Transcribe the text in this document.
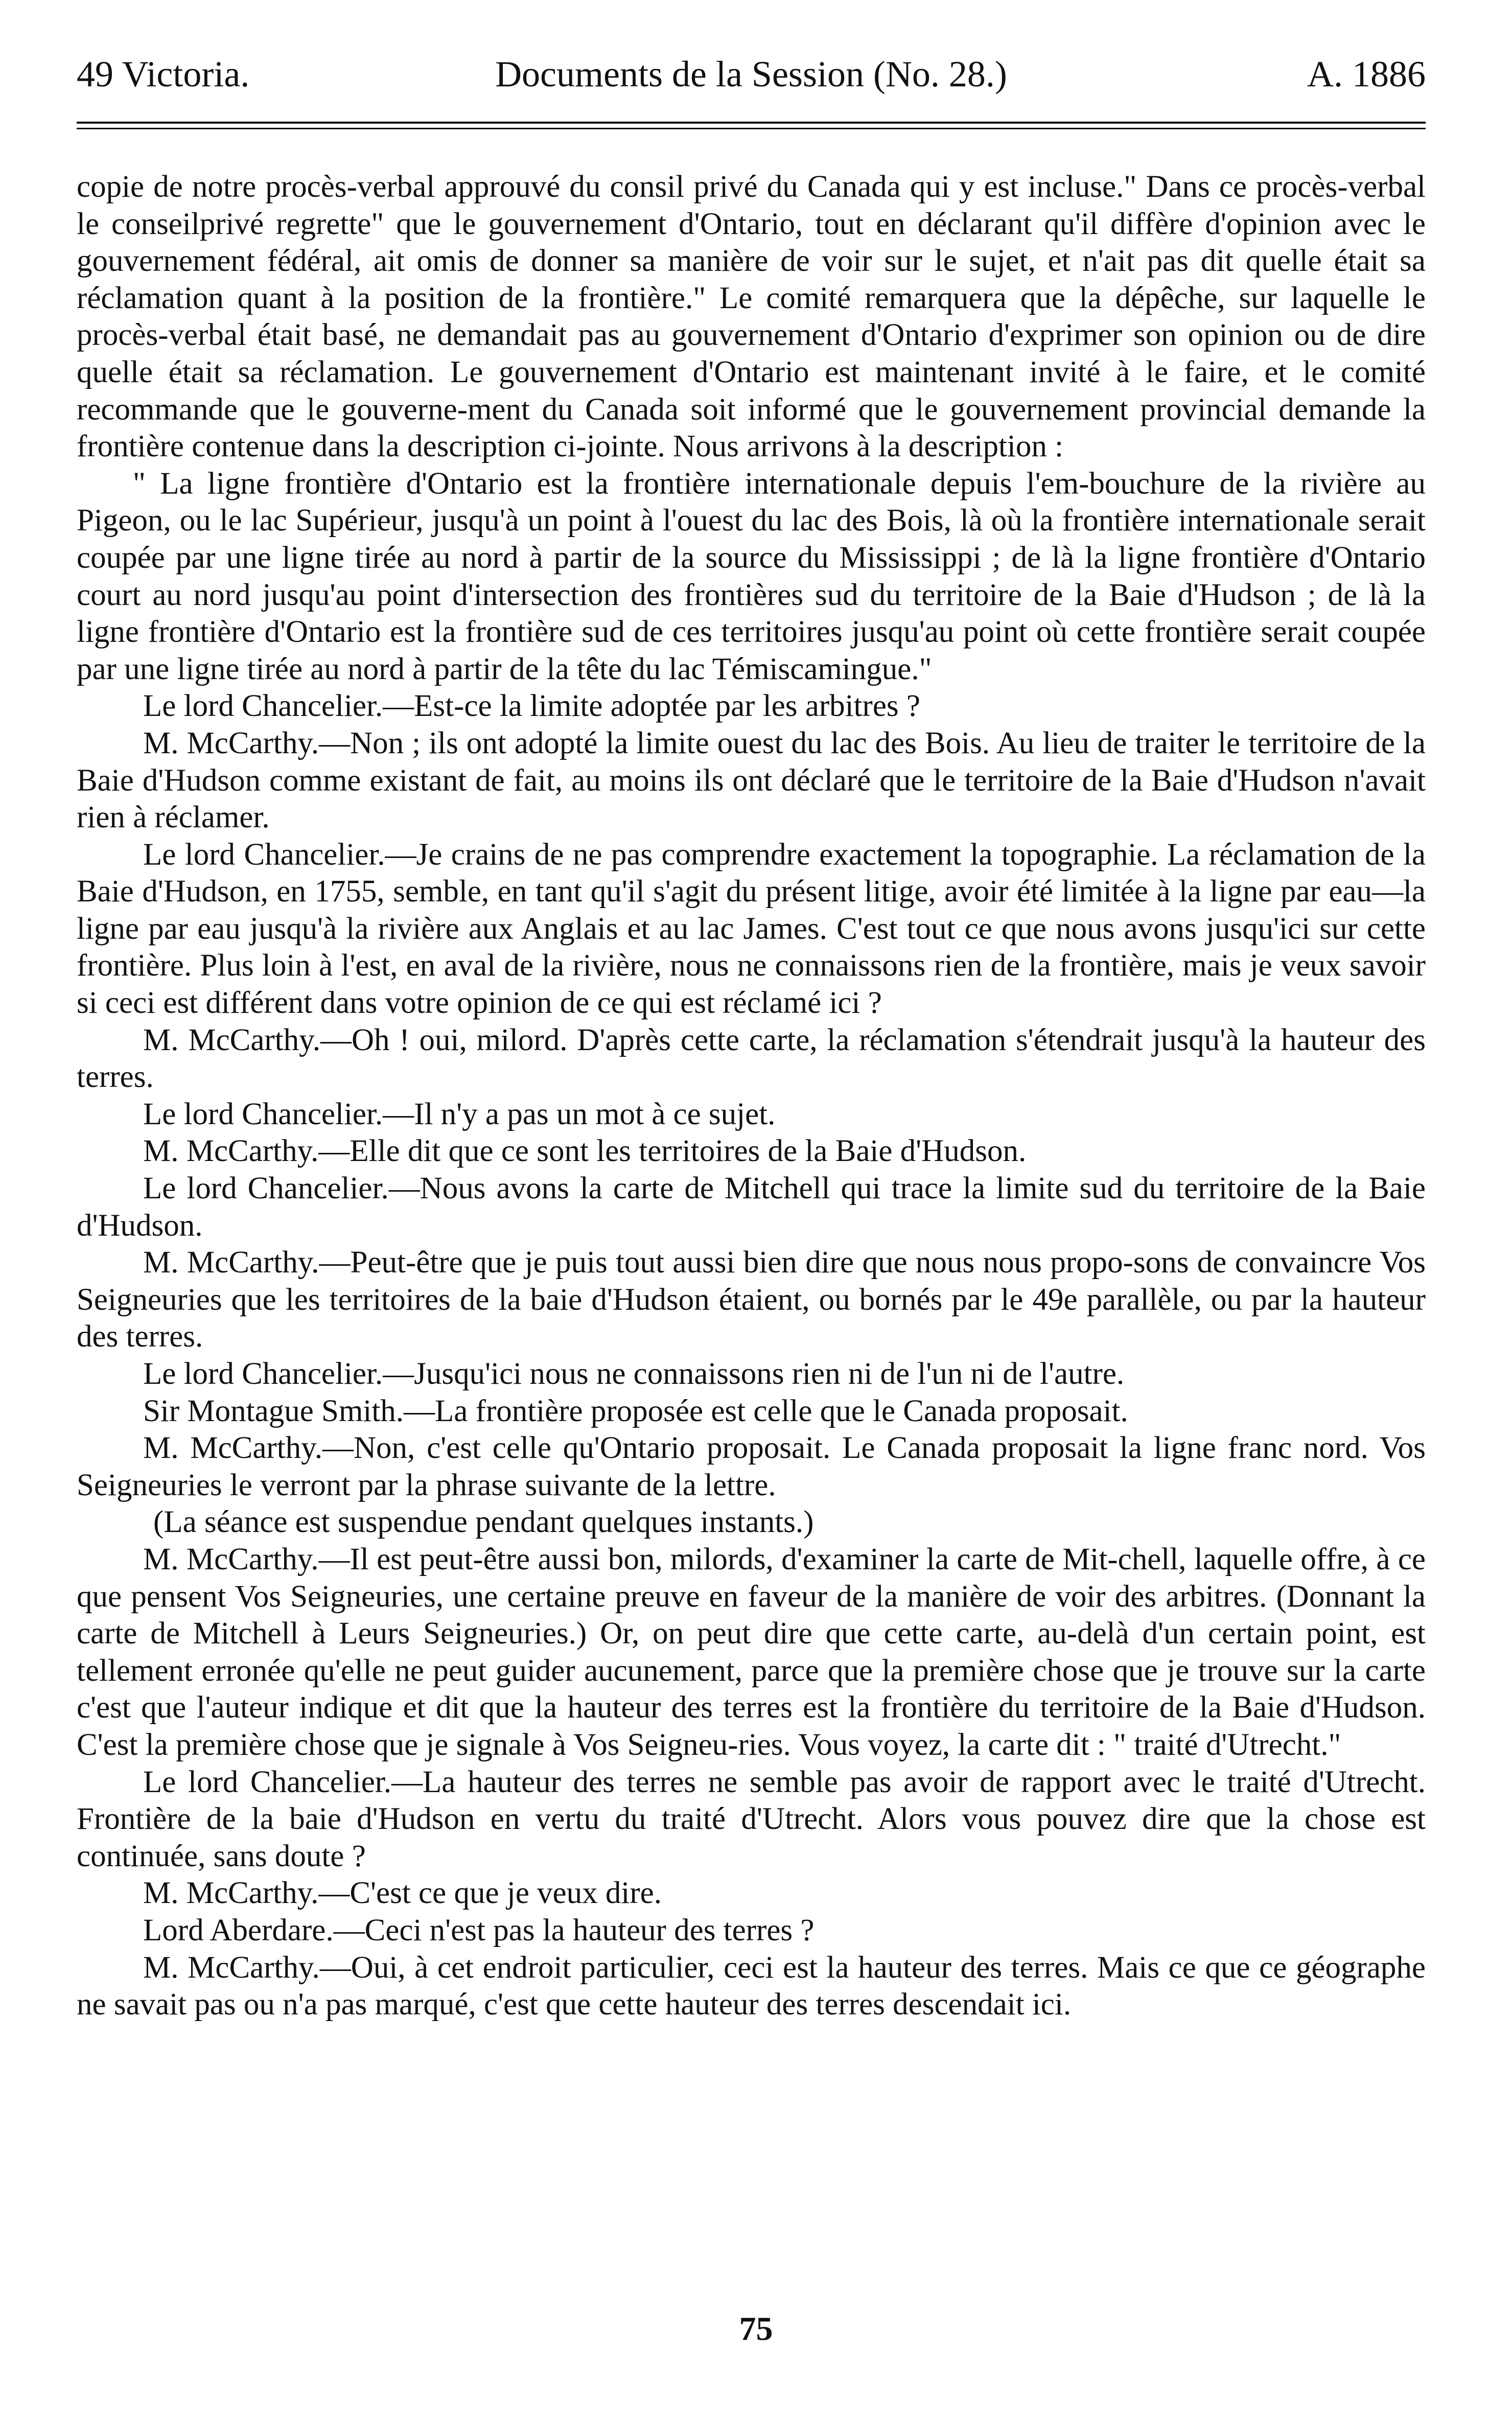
49 Victoria.	Documents de la Session (No. 28.)	A. 1886

copie de notre procès-verbal approuvé du consil privé du Canada qui y est incluse." Dans ce procès-verbal le conseilprivé regrette" que le gouvernement d'Ontario, tout en déclarant qu'il diffère d'opinion avec le gouvernement fédéral, ait omis de donner sa manière de voir sur le sujet, et n'ait pas dit quelle était sa réclamation quant à la position de la frontière." Le comité remarquera que la dépêche, sur laquelle le procès-verbal était basé, ne demandait pas au gouvernement d'Ontario d'exprimer son opinion ou de dire quelle était sa réclamation. Le gouvernement d'Ontario est maintenant invité à le faire, et le comité recommande que le gouverne-ment du Canada soit informé que le gouvernement provincial demande la frontière contenue dans la description ci-jointe. Nous arrivons à la description :

" La ligne frontière d'Ontario est la frontière internationale depuis l'em-bouchure de la rivière au Pigeon, ou le lac Supérieur, jusqu'à un point à l'ouest du lac des Bois, là où la frontière internationale serait coupée par une ligne tirée au nord à partir de la source du Mississippi ; de là la ligne frontière d'Ontario court au nord jusqu'au point d'intersection des frontières sud du territoire de la Baie d'Hudson ; de là la ligne frontière d'Ontario est la frontière sud de ces territoires jusqu'au point où cette frontière serait coupée par une ligne tirée au nord à partir de la tête du lac Témiscamingue."

Le lord Chancelier.—Est-ce la limite adoptée par les arbitres ?

M. McCarthy.—Non ; ils ont adopté la limite ouest du lac des Bois. Au lieu de traiter le territoire de la Baie d'Hudson comme existant de fait, au moins ils ont déclaré que le territoire de la Baie d'Hudson n'avait rien à réclamer.

Le lord Chancelier.—Je crains de ne pas comprendre exactement la topographie. La réclamation de la Baie d'Hudson, en 1755, semble, en tant qu'il s'agit du présent litige, avoir été limitée à la ligne par eau—la ligne par eau jusqu'à la rivière aux Anglais et au lac James. C'est tout ce que nous avons jusqu'ici sur cette frontière. Plus loin à l'est, en aval de la rivière, nous ne connaissons rien de la frontière, mais je veux savoir si ceci est différent dans votre opinion de ce qui est réclamé ici ?

M. McCarthy.—Oh ! oui, milord. D'après cette carte, la réclamation s'étendrait jusqu'à la hauteur des terres.

Le lord Chancelier.—Il n'y a pas un mot à ce sujet.

M. McCarthy.—Elle dit que ce sont les territoires de la Baie d'Hudson.

Le lord Chancelier.—Nous avons la carte de Mitchell qui trace la limite sud du territoire de la Baie d'Hudson.

M. McCarthy.—Peut-être que je puis tout aussi bien dire que nous nous propo-sons de convaincre Vos Seigneuries que les territoires de la baie d'Hudson étaient, ou bornés par le 49e parallèle, ou par la hauteur des terres.

Le lord Chancelier.—Jusqu'ici nous ne connaissons rien ni de l'un ni de l'autre.

Sir Montague Smith.—La frontière proposée est celle que le Canada proposait.

M. McCarthy.—Non, c'est celle qu'Ontario proposait. Le Canada proposait la ligne franc nord. Vos Seigneuries le verront par la phrase suivante de la lettre.

(La séance est suspendue pendant quelques instants.)

M. McCarthy.—Il est peut-être aussi bon, milords, d'examiner la carte de Mit-chell, laquelle offre, à ce que pensent Vos Seigneuries, une certaine preuve en faveur de la manière de voir des arbitres. (Donnant la carte de Mitchell à Leurs Seigneuries.) Or, on peut dire que cette carte, au-delà d'un certain point, est tellement erronée qu'elle ne peut guider aucunement, parce que la première chose que je trouve sur la carte c'est que l'auteur indique et dit que la hauteur des terres est la frontière du territoire de la Baie d'Hudson. C'est la première chose que je signale à Vos Seigneu-ries. Vous voyez, la carte dit : " traité d'Utrecht."

Le lord Chancelier.—La hauteur des terres ne semble pas avoir de rapport avec le traité d'Utrecht. Frontière de la baie d'Hudson en vertu du traité d'Utrecht. Alors vous pouvez dire que la chose est continuée, sans doute ?

M. McCarthy.—C'est ce que je veux dire.

Lord Aberdare.—Ceci n'est pas la hauteur des terres ?

M. McCarthy.—Oui, à cet endroit particulier, ceci est la hauteur des terres. Mais ce que ce géographe ne savait pas ou n'a pas marqué, c'est que cette hauteur des terres descendait ici.

75
